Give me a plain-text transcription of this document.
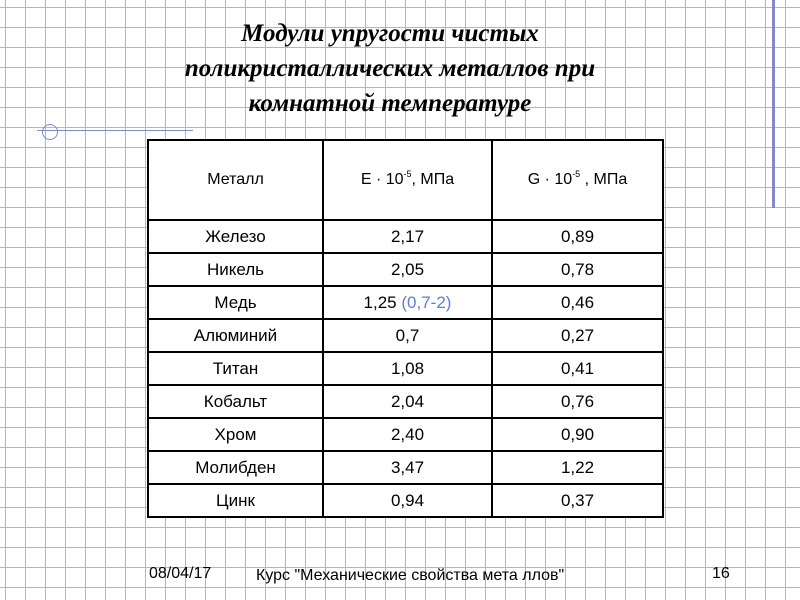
Модули упругости чистых
поликристаллических металлов при
комнатной температуре
Металл	$Е \cdot 10^{-5}$, МПа	$G \cdot 10^{-5}$ , МПа
Железо	2,17	0,89
Никель	2,05	0,78
Медь	1,25 (0,7-2)	0,46
Алюминий	0,7	0,27
Титан	1,08	0,41
Кобальт	2,04	0,76
Хром	2,40	0,90
Молибден	3,47	1,22
Цинк	0,94	0,37
08/04/17	Курс "Механические свойства мета ллов"	16
